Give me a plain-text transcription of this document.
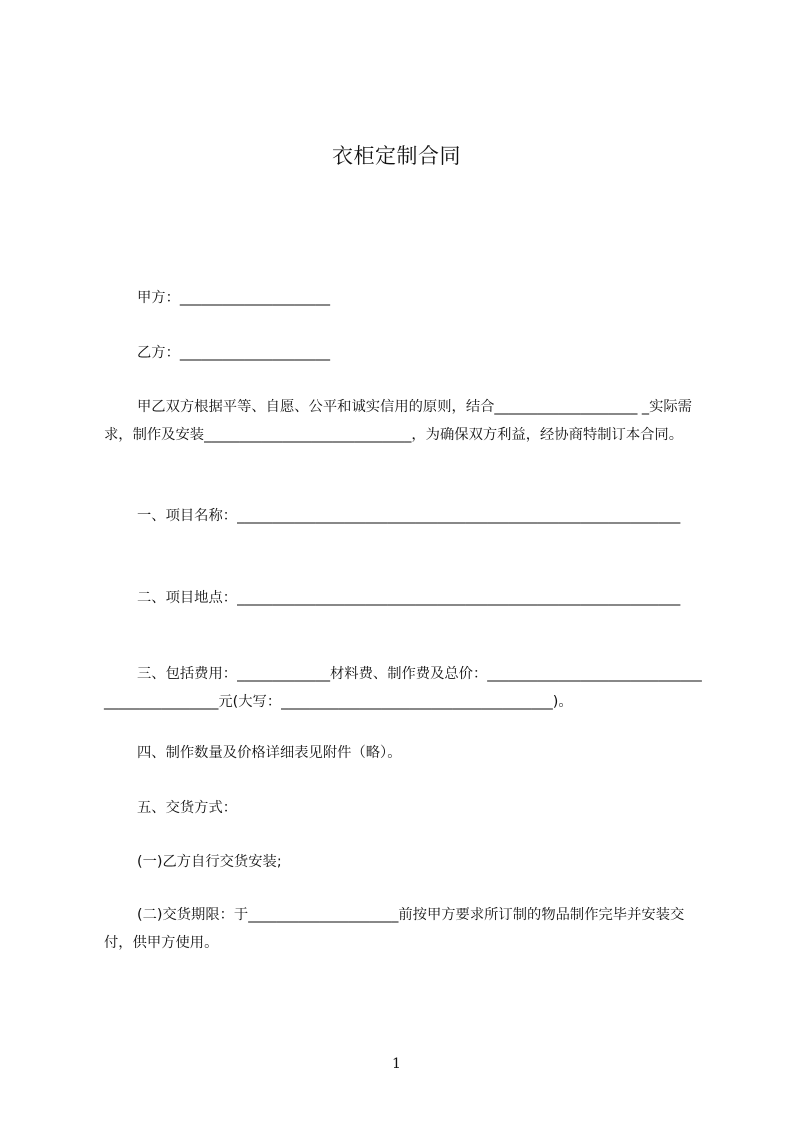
衣柜定制合同
甲方：_____________________
乙方：_____________________
甲乙双方根据平等、自愿、公平和诚实信用的原则，结合____________________ _实际需求，制作及安装_____________________________，为确保双方利益，经协商特制订本合同。
一、项目名称：______________________________________________________________
二、项目地点：______________________________________________________________
三、包括费用：_____________材料费、制作费及总价：______________________________________________元(大写：______________________________________)。
四、制作数量及价格详细表见附件（略）。
五、交货方式：
(一)乙方自行交货安装;
(二)交货期限：于_____________________前按甲方要求所订制的物品制作完毕并安装交付，供甲方使用。
1
